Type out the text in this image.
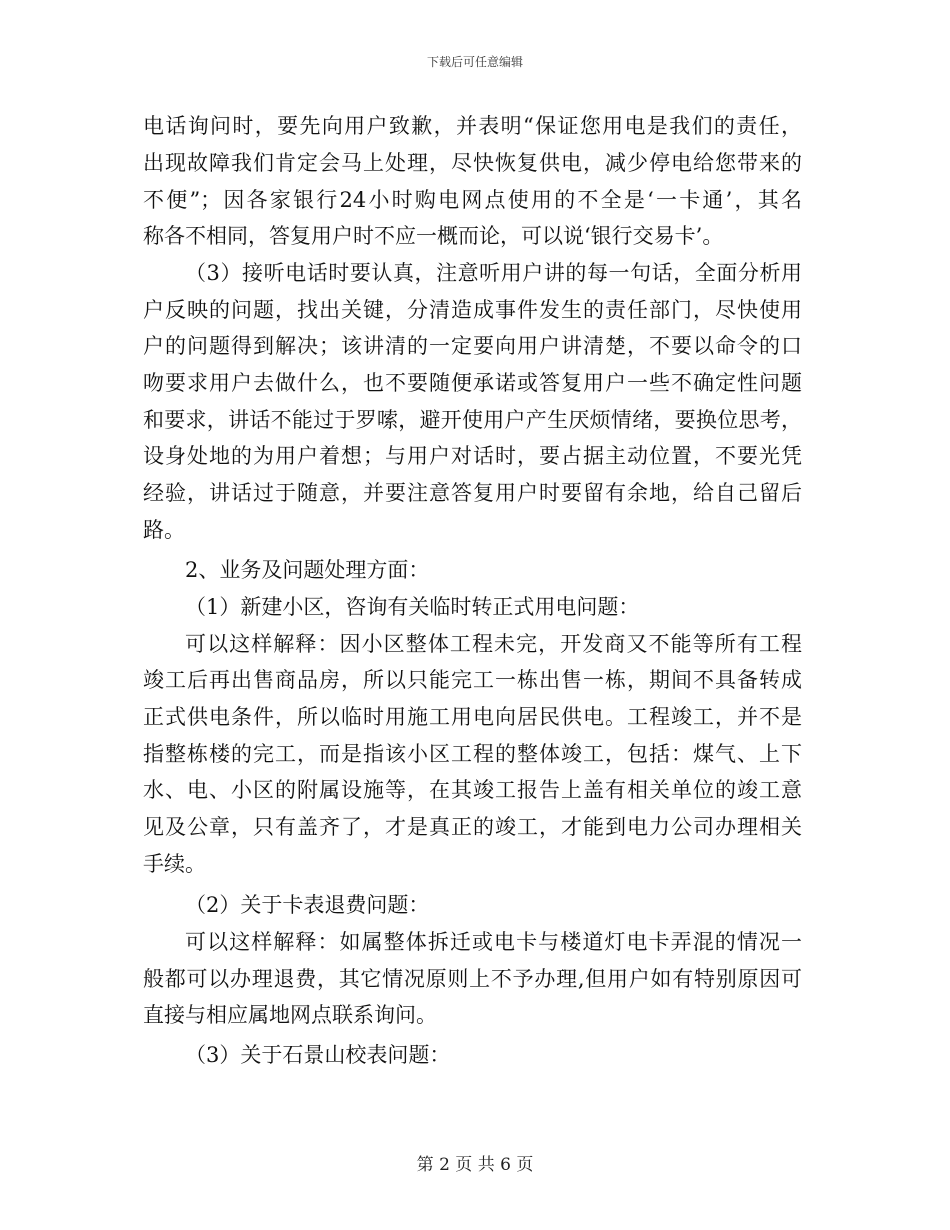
下载后可任意编辑
电话询问时，要先向用户致歉，并表明“保证您用电是我们的责任，
出现故障我们肯定会马上处理，尽快恢复供电，减少停电给您带来的
不便”；因各家银行24小时购电网点使用的不全是‘一卡通’，其名
称各不相同，答复用户时不应一概而论，可以说‘银行交易卡’。
（3）接听电话时要认真，注意听用户讲的每一句话，全面分析用
户反映的问题，找出关键，分清造成事件发生的责任部门，尽快使用
户的问题得到解决；该讲清的一定要向用户讲清楚，不要以命令的口
吻要求用户去做什么，也不要随便承诺或答复用户一些不确定性问题
和要求，讲话不能过于罗嗦，避开使用户产生厌烦情绪，要换位思考，
设身处地的为用户着想；与用户对话时，要占据主动位置，不要光凭
经验，讲话过于随意，并要注意答复用户时要留有余地，给自己留后
路。
2、业务及问题处理方面：
（1）新建小区，咨询有关临时转正式用电问题：
可以这样解释：因小区整体工程未完，开发商又不能等所有工程
竣工后再出售商品房，所以只能完工一栋出售一栋，期间不具备转成
正式供电条件，所以临时用施工用电向居民供电。工程竣工，并不是
指整栋楼的完工，而是指该小区工程的整体竣工，包括：煤气、上下
水、电、小区的附属设施等，在其竣工报告上盖有相关单位的竣工意
见及公章，只有盖齐了，才是真正的竣工，才能到电力公司办理相关
手续。
（2）关于卡表退费问题：
可以这样解释：如属整体拆迁或电卡与楼道灯电卡弄混的情况一
般都可以办理退费，其它情况原则上不予办理,但用户如有特别原因可
直接与相应属地网点联系询问。
（3）关于石景山校表问题：
第 2 页 共 6 页
